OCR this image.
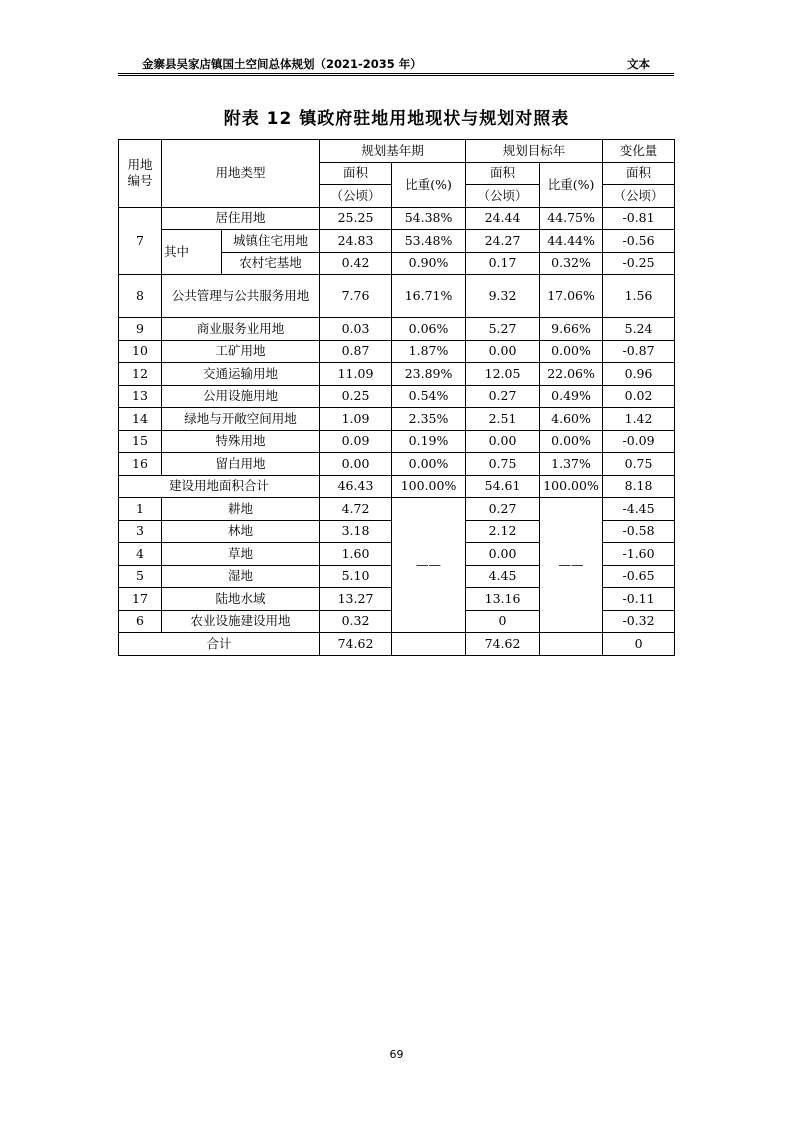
金寨县吴家店镇国土空间总体规划（2021-2035 年）	文本
附表 12 镇政府驻地用地现状与规划对照表
用地编号	用地类型		规划基年期		规划目标年		变化量
			面积	比重(%)	面积	比重(%)	面积
			（公顷）		（公顷）		（公顷）
7	居住用地		25.25	54.38%	24.44	44.75%	-0.81
	其中	城镇住宅用地	24.83	53.48%	24.27	44.44%	-0.56
		农村宅基地	0.42	0.90%	0.17	0.32%	-0.25
8	公共管理与公共服务用地		7.76	16.71%	9.32	17.06%	1.56
9	商业服务业用地		0.03	0.06%	5.27	9.66%	5.24
10	工矿用地		0.87	1.87%	0.00	0.00%	-0.87
12	交通运输用地		11.09	23.89%	12.05	22.06%	0.96
13	公用设施用地		0.25	0.54%	0.27	0.49%	0.02
14	绿地与开敞空间用地		1.09	2.35%	2.51	4.60%	1.42
15	特殊用地		0.09	0.19%	0.00	0.00%	-0.09
16	留白用地		0.00	0.00%	0.75	1.37%	0.75
建设用地面积合计			46.43	100.00%	54.61	100.00%	8.18
1	耕地		4.72	——	0.27	——	-4.45
3	林地		3.18		2.12		-0.58
4	草地		1.60		0.00		-1.60
5	湿地		5.10		4.45		-0.65
17	陆地水域		13.27		13.16		-0.11
6	农业设施建设用地		0.32		0		-0.32
合计			74.62		74.62		0
69
